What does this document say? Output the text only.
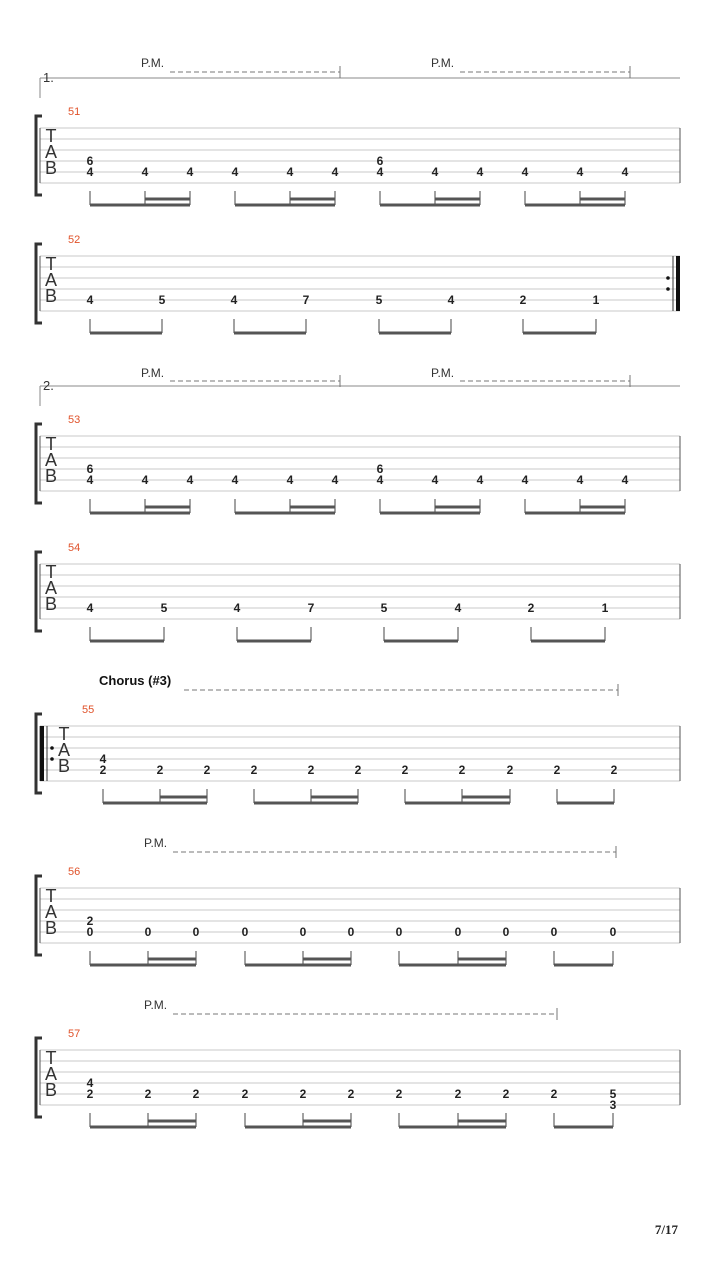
1.
P.M.	P.M.
2.
P.M.	P.M.
Chorus (#3)
P.M.
P.M.
51
T
A
B 4
6
4	4	4	4	4	4
6
4	4	4	4	4
52
T
A
B 4	5	4	7	5	4	2	1
53
T
A
B 4
6
4	4	4	4	4	4
6
4	4	4	4	4
54
T
A
B 4	5	4	7	5	4	2	1
55
T
A
B 2
4
2	2	2	2	2	2	2	2	2	2
56
T
A
B 0
2
0	0	0	0	0	0	0	0	0	0
57
T
A
B 2
4
2	2	2	2	2	2	2	2	2
3
5
7/17
